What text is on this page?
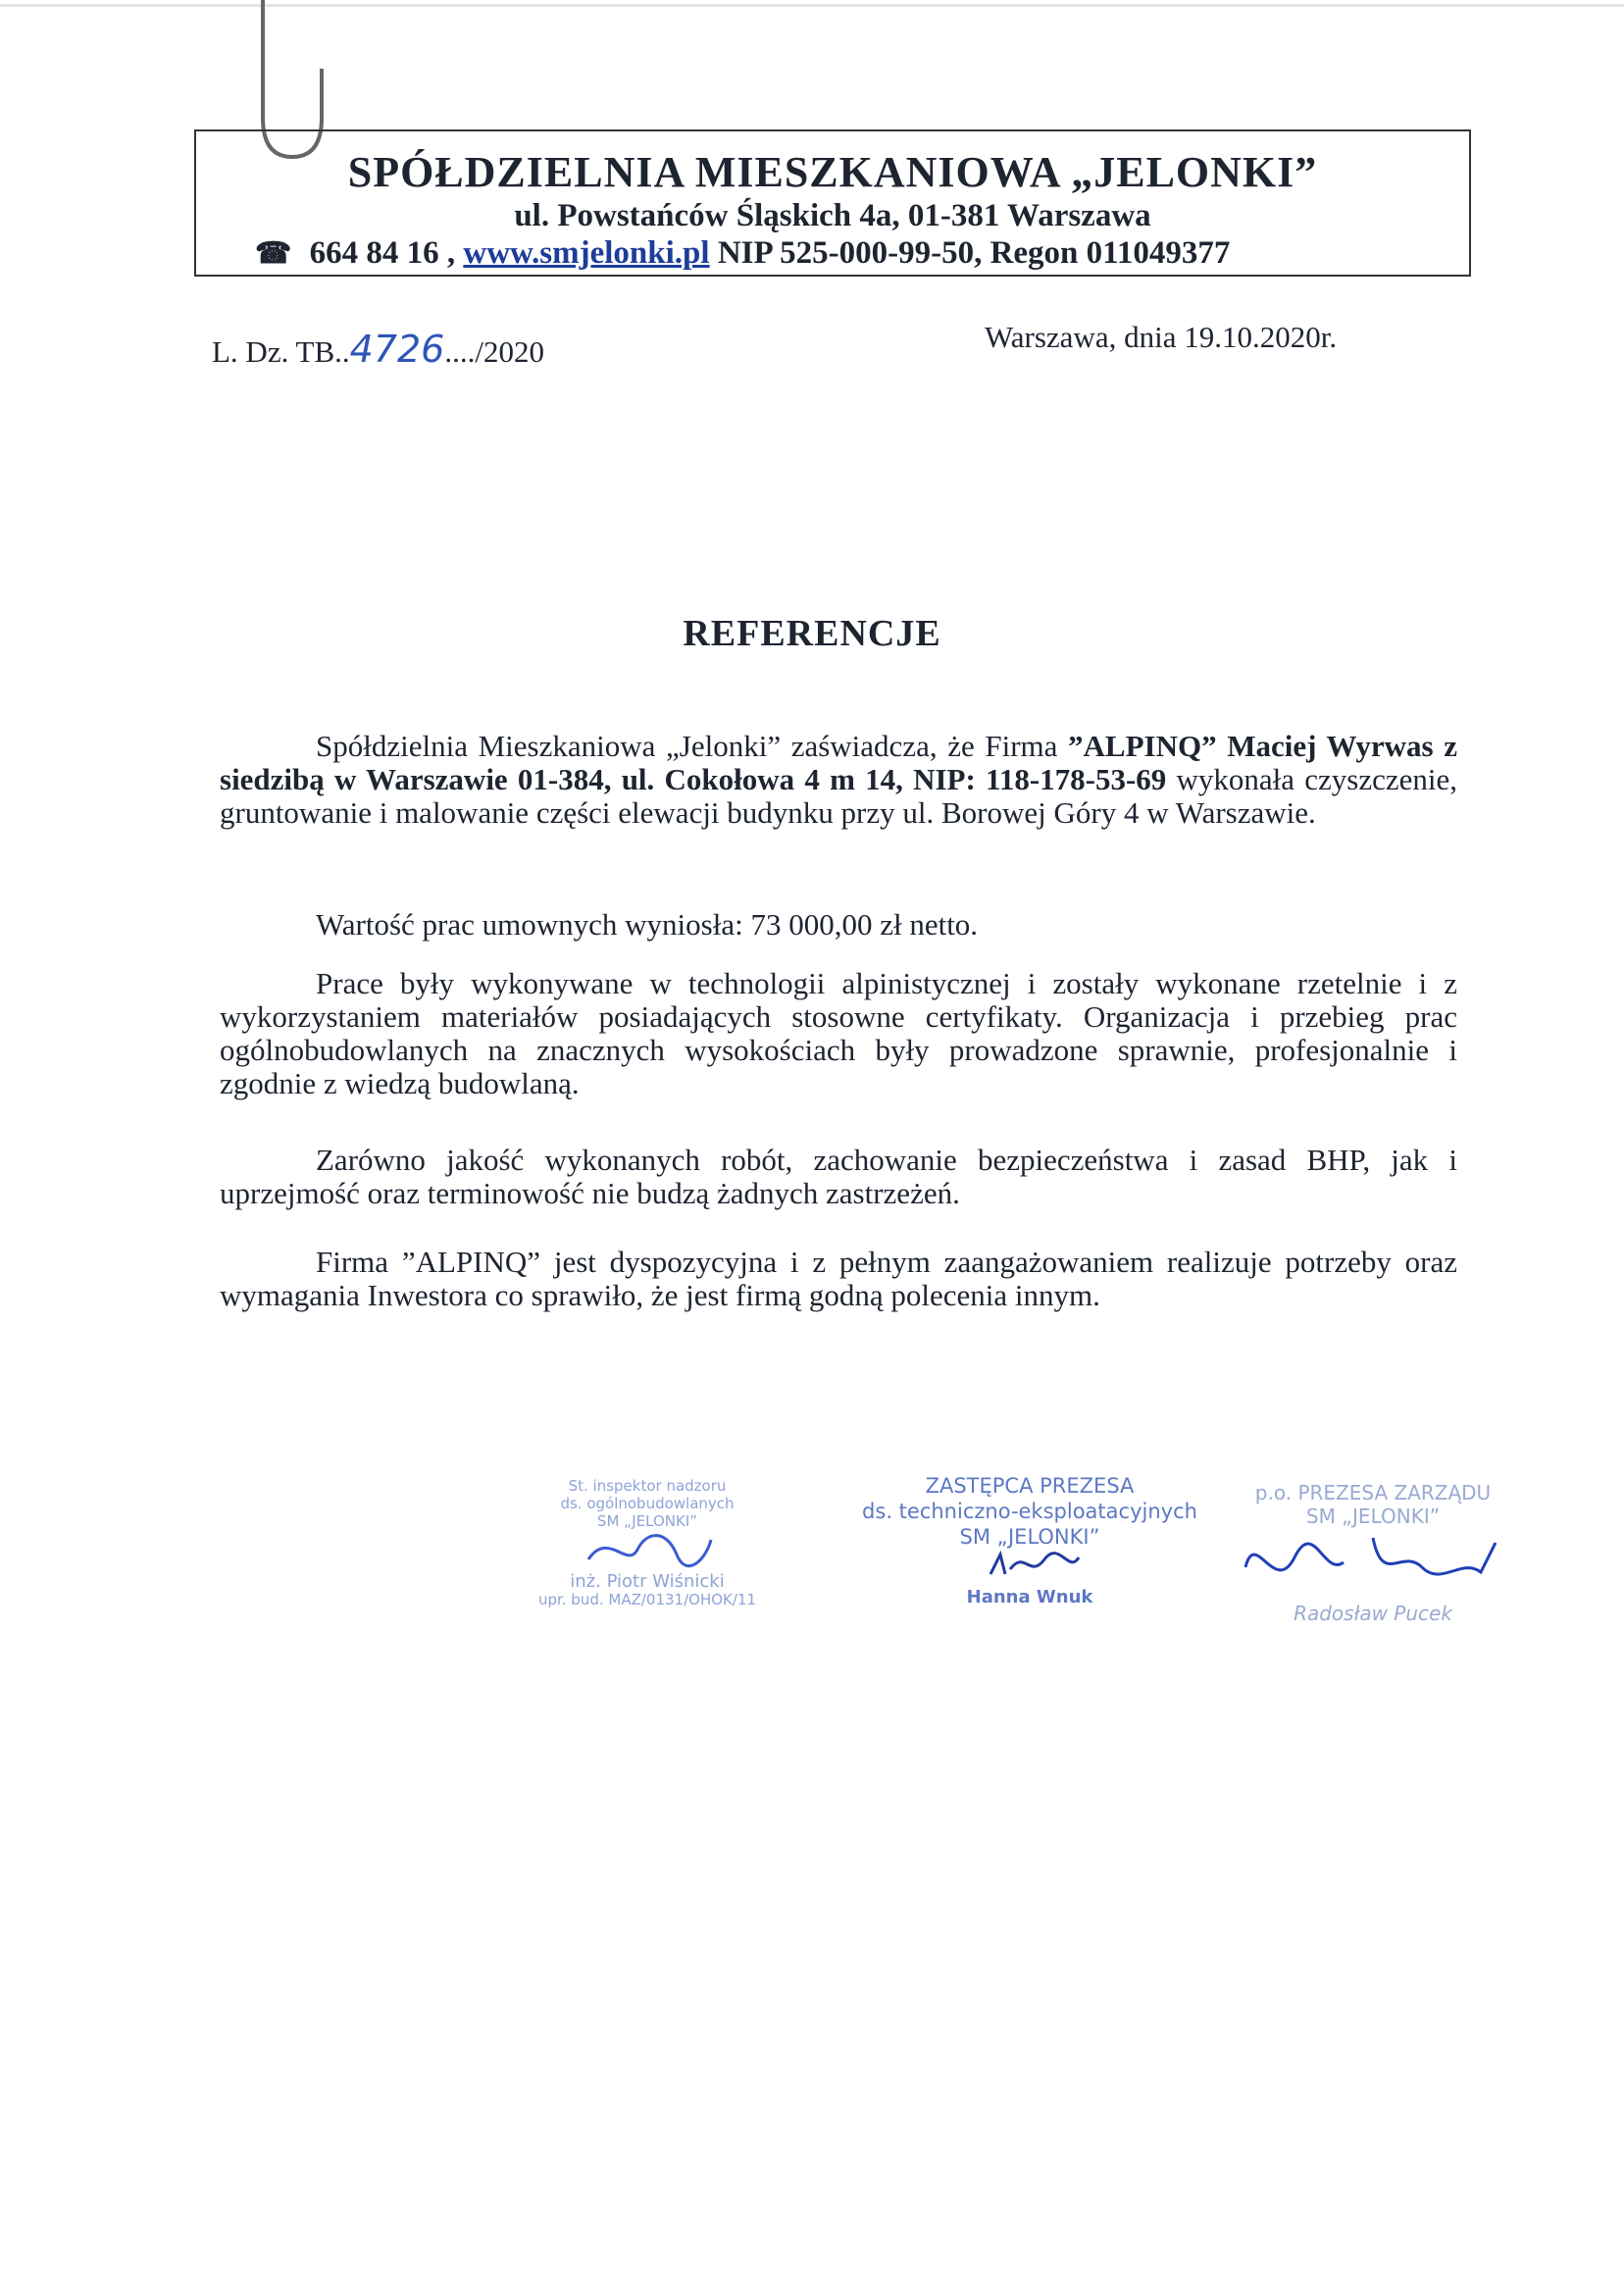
SPÓŁDZIELNIA MIESZKANIOWA „JELONKI”
ul. Powstańców Śląskich 4a, 01-381 Warszawa
☎ 664 84 16 , www.smjelonki.pl NIP 525-000-99-50, Regon 011049377
L. Dz. TB..4726..../2020	Warszawa, dnia 19.10.2020r.
REFERENCJE

Spółdzielnia Mieszkaniowa „Jelonki” zaświadcza, że Firma ”ALPINQ” Maciej Wyrwas z siedzibą w Warszawie 01-384, ul. Cokołowa 4 m 14, NIP: 118-178-53-69 wykonała czyszczenie, gruntowanie i malowanie części elewacji budynku przy ul. Borowej Góry 4 w Warszawie.

Wartość prac umownych wyniosła: 73 000,00 zł netto.

Prace były wykonywane w technologii alpinistycznej i zostały wykonane rzetelnie i z wykorzystaniem materiałów posiadających stosowne certyfikaty. Organizacja i przebieg prac ogólnobudowlanych na znacznych wysokościach były prowadzone sprawnie, profesjonalnie i zgodnie z wiedzą budowlaną.

Zarówno jakość wykonanych robót, zachowanie bezpieczeństwa i zasad BHP, jak i uprzejmość oraz terminowość nie budzą żadnych zastrzeżeń.

Firma ”ALPINQ” jest dyspozycyjna i z pełnym zaangażowaniem realizuje potrzeby oraz wymagania Inwestora co sprawiło, że jest firmą godną polecenia innym.

St. inspektor nadzoru
ds. ogólnobudowlanych
SM „JELONKI”
inż. Piotr Wiśnicki
upr. bud. MAZ/0131/OHOK/11
ZASTĘPCA PREZESA
ds. techniczno-eksploatacyjnych
SM „JELONKI”
Hanna Wnuk
p.o. PREZESA ZARZĄDU
SM „JELONKI”
Radosław Pucek
